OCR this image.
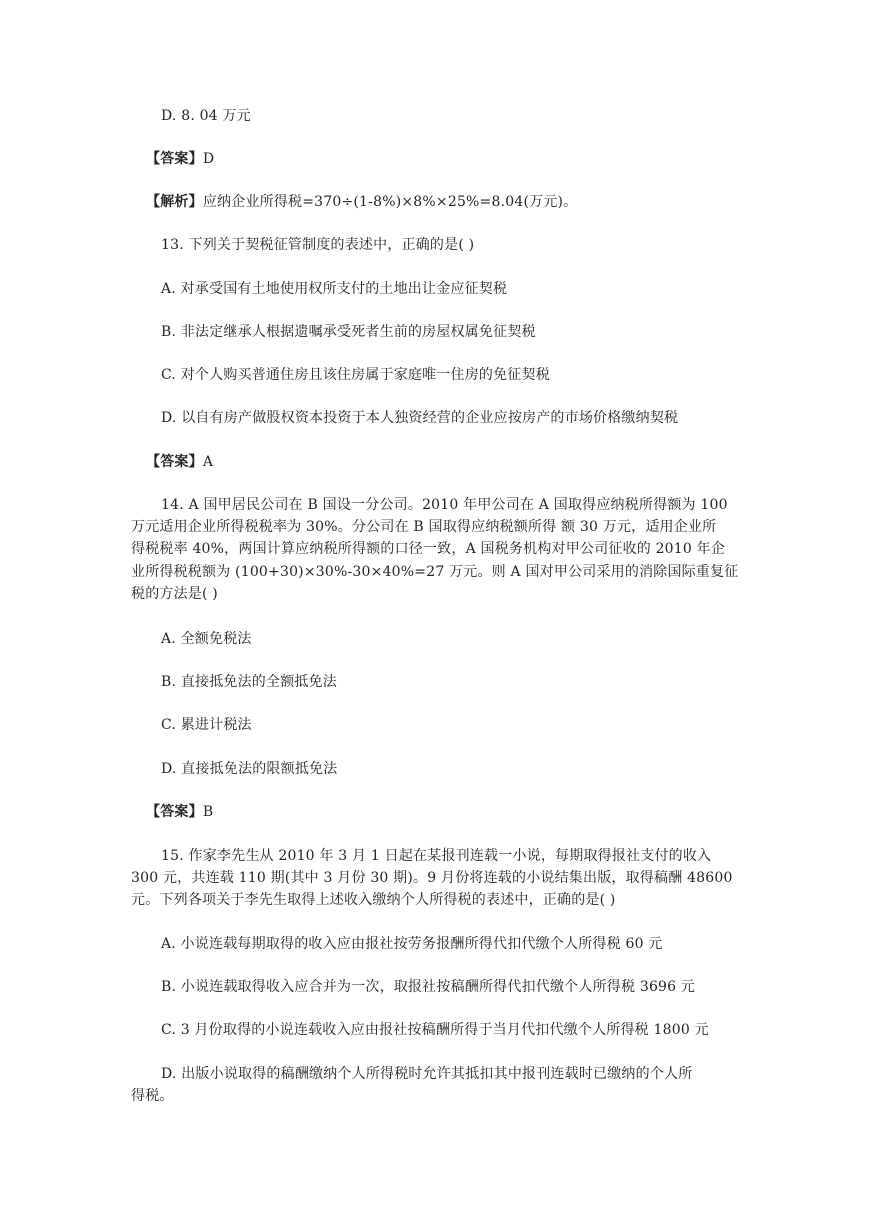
D. 8. 04 万元
【答案】D
【解析】应纳企业所得税=370÷(1-8%)×8%×25%=8.04(万元)。
13. 下列关于契税征管制度的表述中，正确的是( )
A. 对承受国有土地使用权所支付的土地出让金应征契税
B. 非法定继承人根据遗嘱承受死者生前的房屋权属免征契税
C. 对个人购买普通住房且该住房属于家庭唯一住房的免征契税
D. 以自有房产做股权资本投资于本人独资经营的企业应按房产的市场价格缴纳契税
【答案】A
14. A 国甲居民公司在 B 国设一分公司。2010 年甲公司在 A 国取得应纳税所得额为 100
万元适用企业所得税税率为 30%。分公司在 B 国取得应纳税额所得 额 30 万元，适用企业所
得税税率 40%，两国计算应纳税所得额的口径一致，A 国税务机构对甲公司征收的 2010 年企
业所得税税额为 (100+30)×30%-30×40%=27 万元。则 A 国对甲公司采用的消除国际重复征
税的方法是( )
A. 全额免税法
B. 直接抵免法的全额抵免法
C. 累进计税法
D. 直接抵免法的限额抵免法
【答案】B
15. 作家李先生从 2010 年 3 月 1 日起在某报刊连载一小说，每期取得报社支付的收入
300 元，共连载 110 期(其中 3 月份 30 期)。9 月份将连载的小说结集出版，取得稿酬 48600
元。下列各项关于李先生取得上述收入缴纳个人所得税的表述中，正确的是( )
A. 小说连载每期取得的收入应由报社按劳务报酬所得代扣代缴个人所得税 60 元
B. 小说连载取得收入应合并为一次，取报社按稿酬所得代扣代缴个人所得税 3696 元
C. 3 月份取得的小说连载收入应由报社按稿酬所得于当月代扣代缴个人所得税 1800 元
D. 出版小说取得的稿酬缴纳个人所得税时允许其抵扣其中报刊连载时已缴纳的个人所
得税。
